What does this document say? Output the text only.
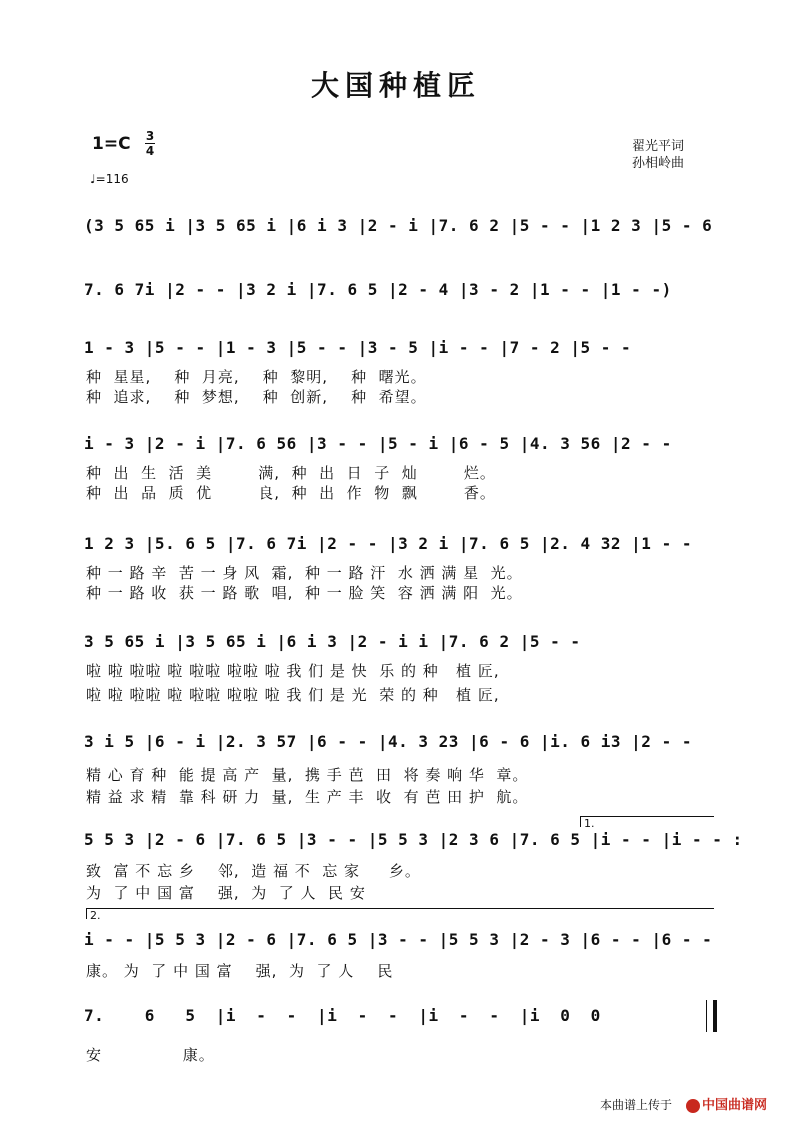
大国种植匠
1=C 3
4
♩=116
翟光平词
孙相岭曲
(3 5 65 i |3 5 65 i |6 i 3 |2 - i |7. 6 2 |5 - - |1 2 3 |5 - 6
7. 6 7i |2 - - |3 2 i |7. 6 5 |2 - 4 |3 - 2 |1 - - |1 - -)
1 - 3 |5 - - |1 - 3 |5 - - |3 - 5 |i - - |7 - 2 |5 - -
种  星星,    种  月亮,    种  黎明,    种  曙光。
种  追求,    种  梦想,    种  创新,    种  希望。
i - 3 |2 - i |7. 6 56 |3 - - |5 - i |6 - 5 |4. 3 56 |2 - -
种  出  生  活  美        满,  种  出  日  子  灿        烂。
种  出  品  质  优        良,  种  出  作  物  飘        香。
1 2 3 |5. 6 5 |7. 6 7i |2 - - |3 2 i |7. 6 5 |2. 4 32 |1 - -
种 一 路 辛  苦 一 身 风  霜,  种 一 路 汗  水 洒 满 星  光。
种 一 路 收  获 一 路 歌  唱,  种 一 脸 笑  容 洒 满 阳  光。
3 5 65 i |3 5 65 i |6 i 3 |2 - i i |7. 6 2 |5 - -
啦 啦 啦啦 啦 啦啦 啦啦 啦 我 们 是 快  乐 的 种   植 匠,
啦 啦 啦啦 啦 啦啦 啦啦 啦 我 们 是 光  荣 的 种   植 匠,
3 i 5 |6 - i |2. 3 57 |6 - - |4. 3 23 |6 - 6 |i. 6 i3 |2 - -
精 心 育 种  能 提 高 产  量,  携 手 芭  田  将 奏 响 华  章。
精 益 求 精  靠 科 研 力  量,  生 产 丰  收  有 芭 田 护  航。
1.
5 5 3 |2 - 6 |7. 6 5 |3 - - |5 5 3 |2 3 6 |7. 6 5 |i - - |i - - :
致  富 不 忘 乡    邻,  造 福 不  忘 家     乡。
为  了 中 国 富    强,  为  了 人  民 安
2.
i - - |5 5 3 |2 - 6 |7. 6 5 |3 - - |5 5 3 |2 - 3 |6 - - |6 - -
康。 为  了 中 国 富    强,  为  了 人    民
7.    6   5  |i  -  -  |i  -  -  |i  -  -  |i  0  0
安              康。
本曲谱上传于	中国曲谱网
